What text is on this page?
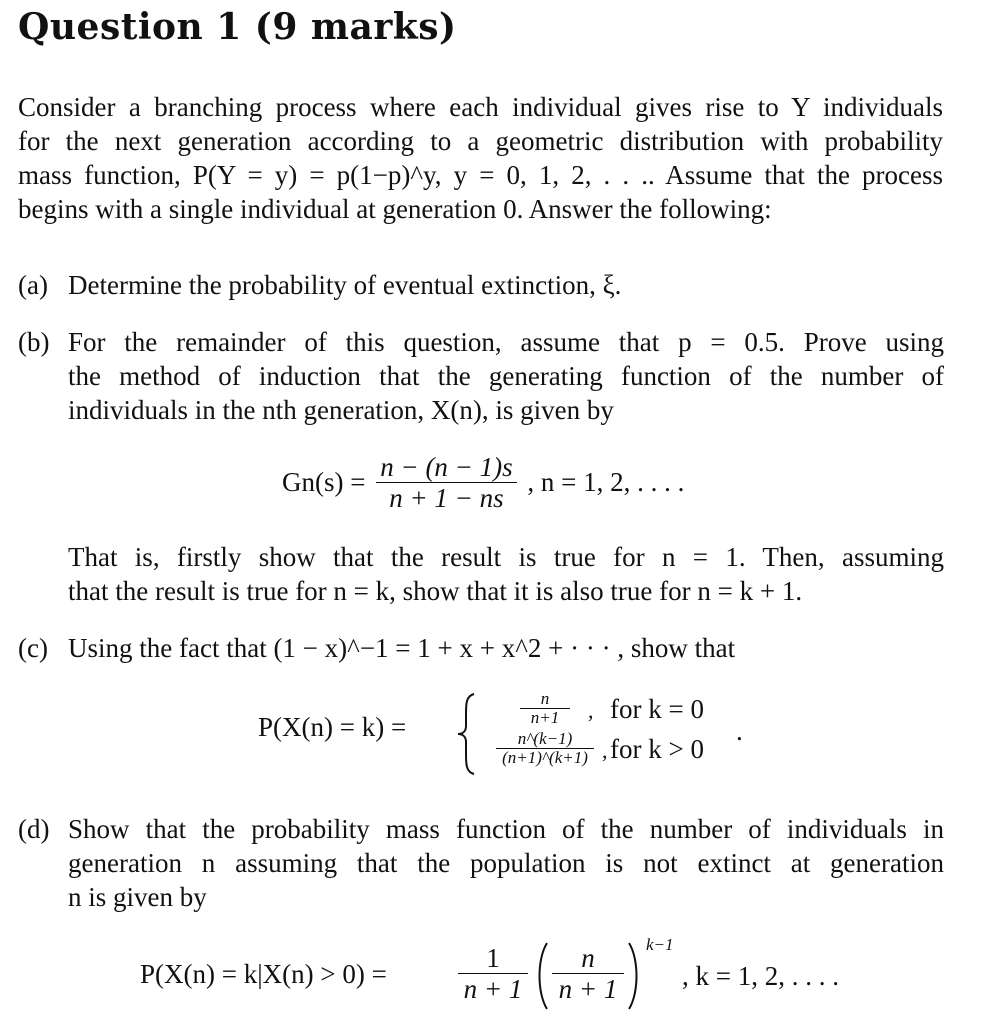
Question 1 (9 marks)
Consider a branching process where each individual gives rise to Y individuals
for the next generation according to a geometric distribution with probability
mass function, P(Y = y) = p(1−p)^y, y = 0, 1, 2, . . .. Assume that the process
begins with a single individual at generation 0. Answer the following:
(a) Determine the probability of eventual extinction, ξ.
(b) For the remainder of this question, assume that p = 0.5. Prove using
the method of induction that the generating function of the number of
individuals in the nth generation, X(n), is given by
$Gn(s) = \frac{n - (n - 1)s}{n + 1 - ns}$ , n = 1, 2, . . . .
That is, firstly show that the result is true for n = 1. Then, assuming
that the result is true for n = k, show that it is also true for n = k + 1.
(c) Using the fact that (1 − x)^−1 = 1 + x + x^2 + · · · , show that
P(X(n) = k) =
n
n+1	, for k = 0
n^(k−1)
(n+1)^(k+1) , for k > 0
.
(d) Show that the probability mass function of the number of individuals in
generation n assuming that the population is not extinct at generation
n is given by
P(X(n) = k|X(n) > 0) =
1
n + 1
n
n + 1
k−1
, k = 1, 2, . . . .
